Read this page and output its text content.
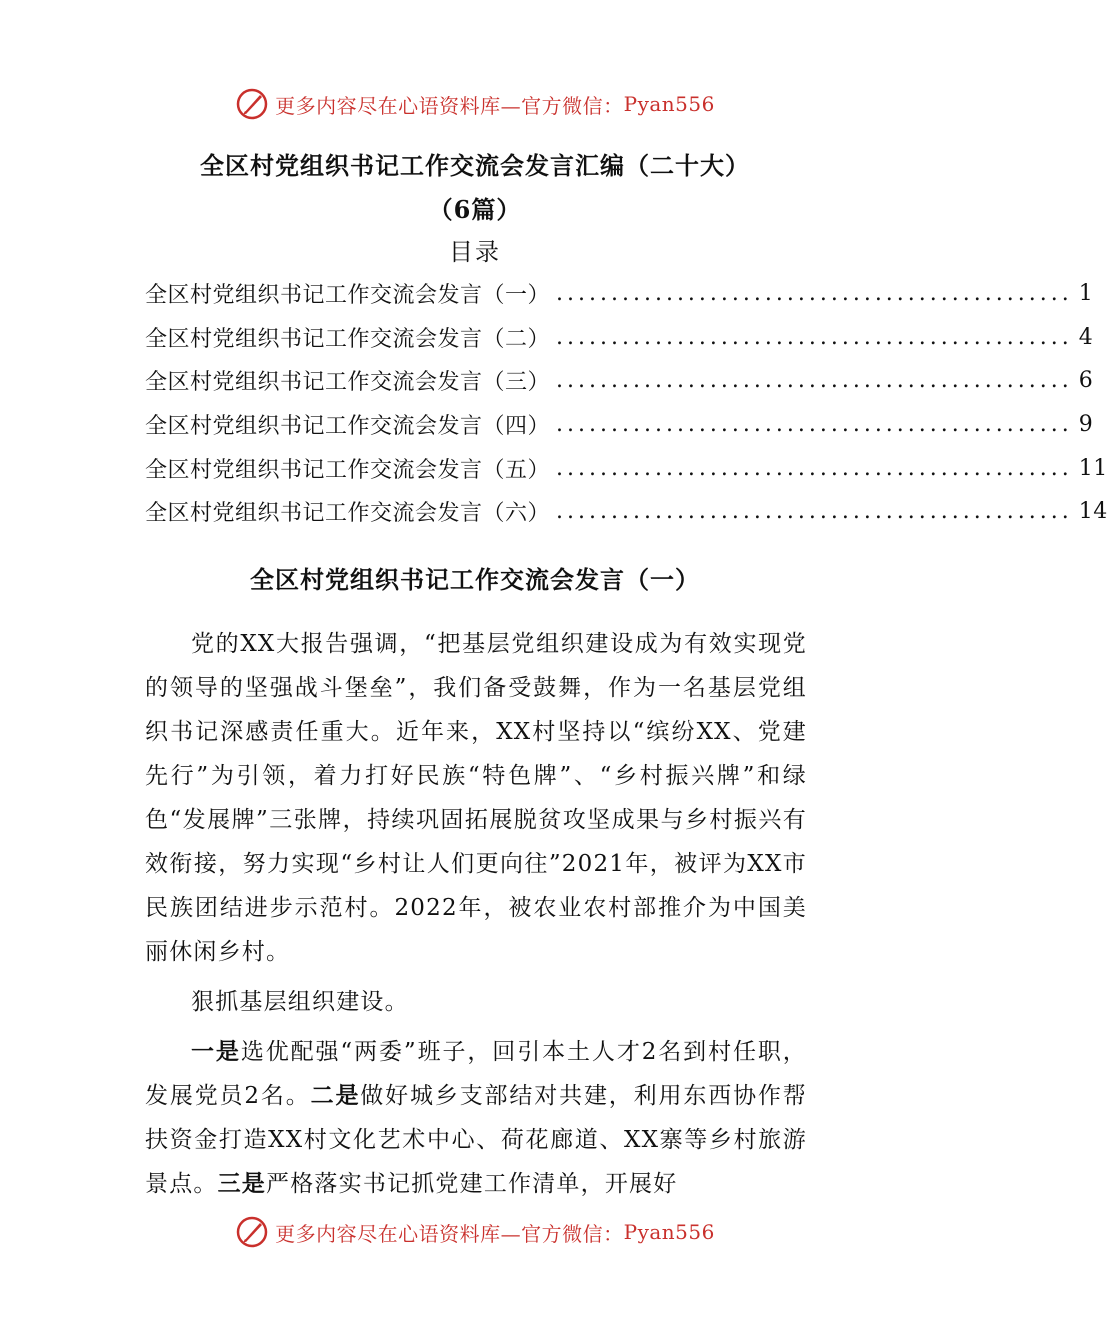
更多内容尽在心语资料库—官方微信： Pyan556
全区村党组织书记工作交流会发言汇编（二十大）
（6篇）
目录
全区村党组织书记工作交流会发言（一） ............................................... 1
全区村党组织书记工作交流会发言（二） ............................................... 4
全区村党组织书记工作交流会发言（三） ............................................... 6
全区村党组织书记工作交流会发言（四） ............................................... 9
全区村党组织书记工作交流会发言（五） ............................................... 11
全区村党组织书记工作交流会发言（六） ............................................... 14
全区村党组织书记工作交流会发言（一）

党的XX大报告强调，“把基层党组织建设成为有效实现党的领导的坚强战斗堡垒”，我们备受鼓舞，作为一名基层党组织书记深感责任重大。近年来，XX村坚持以“缤纷XX、党建先行”为引领，着力打好民族“特色牌”、“乡村振兴牌”和绿色“发展牌”三张牌，持续巩固拓展脱贫攻坚成果与乡村振兴有效衔接，努力实现“乡村让人们更向往”2021年，被评为XX市民族团结进步示范村。2022年，被农业农村部推介为中国美丽休闲乡村。

狠抓基层组织建设。

一是选优配强“两委”班子，回引本土人才2名到村任职，发展党员2名。二是做好城乡支部结对共建，利用东西协作帮扶资金打造XX村文化艺术中心、荷花廊道、XX寨等乡村旅游景点。三是严格落实书记抓党建工作清单，开展好

更多内容尽在心语资料库—官方微信： Pyan556
